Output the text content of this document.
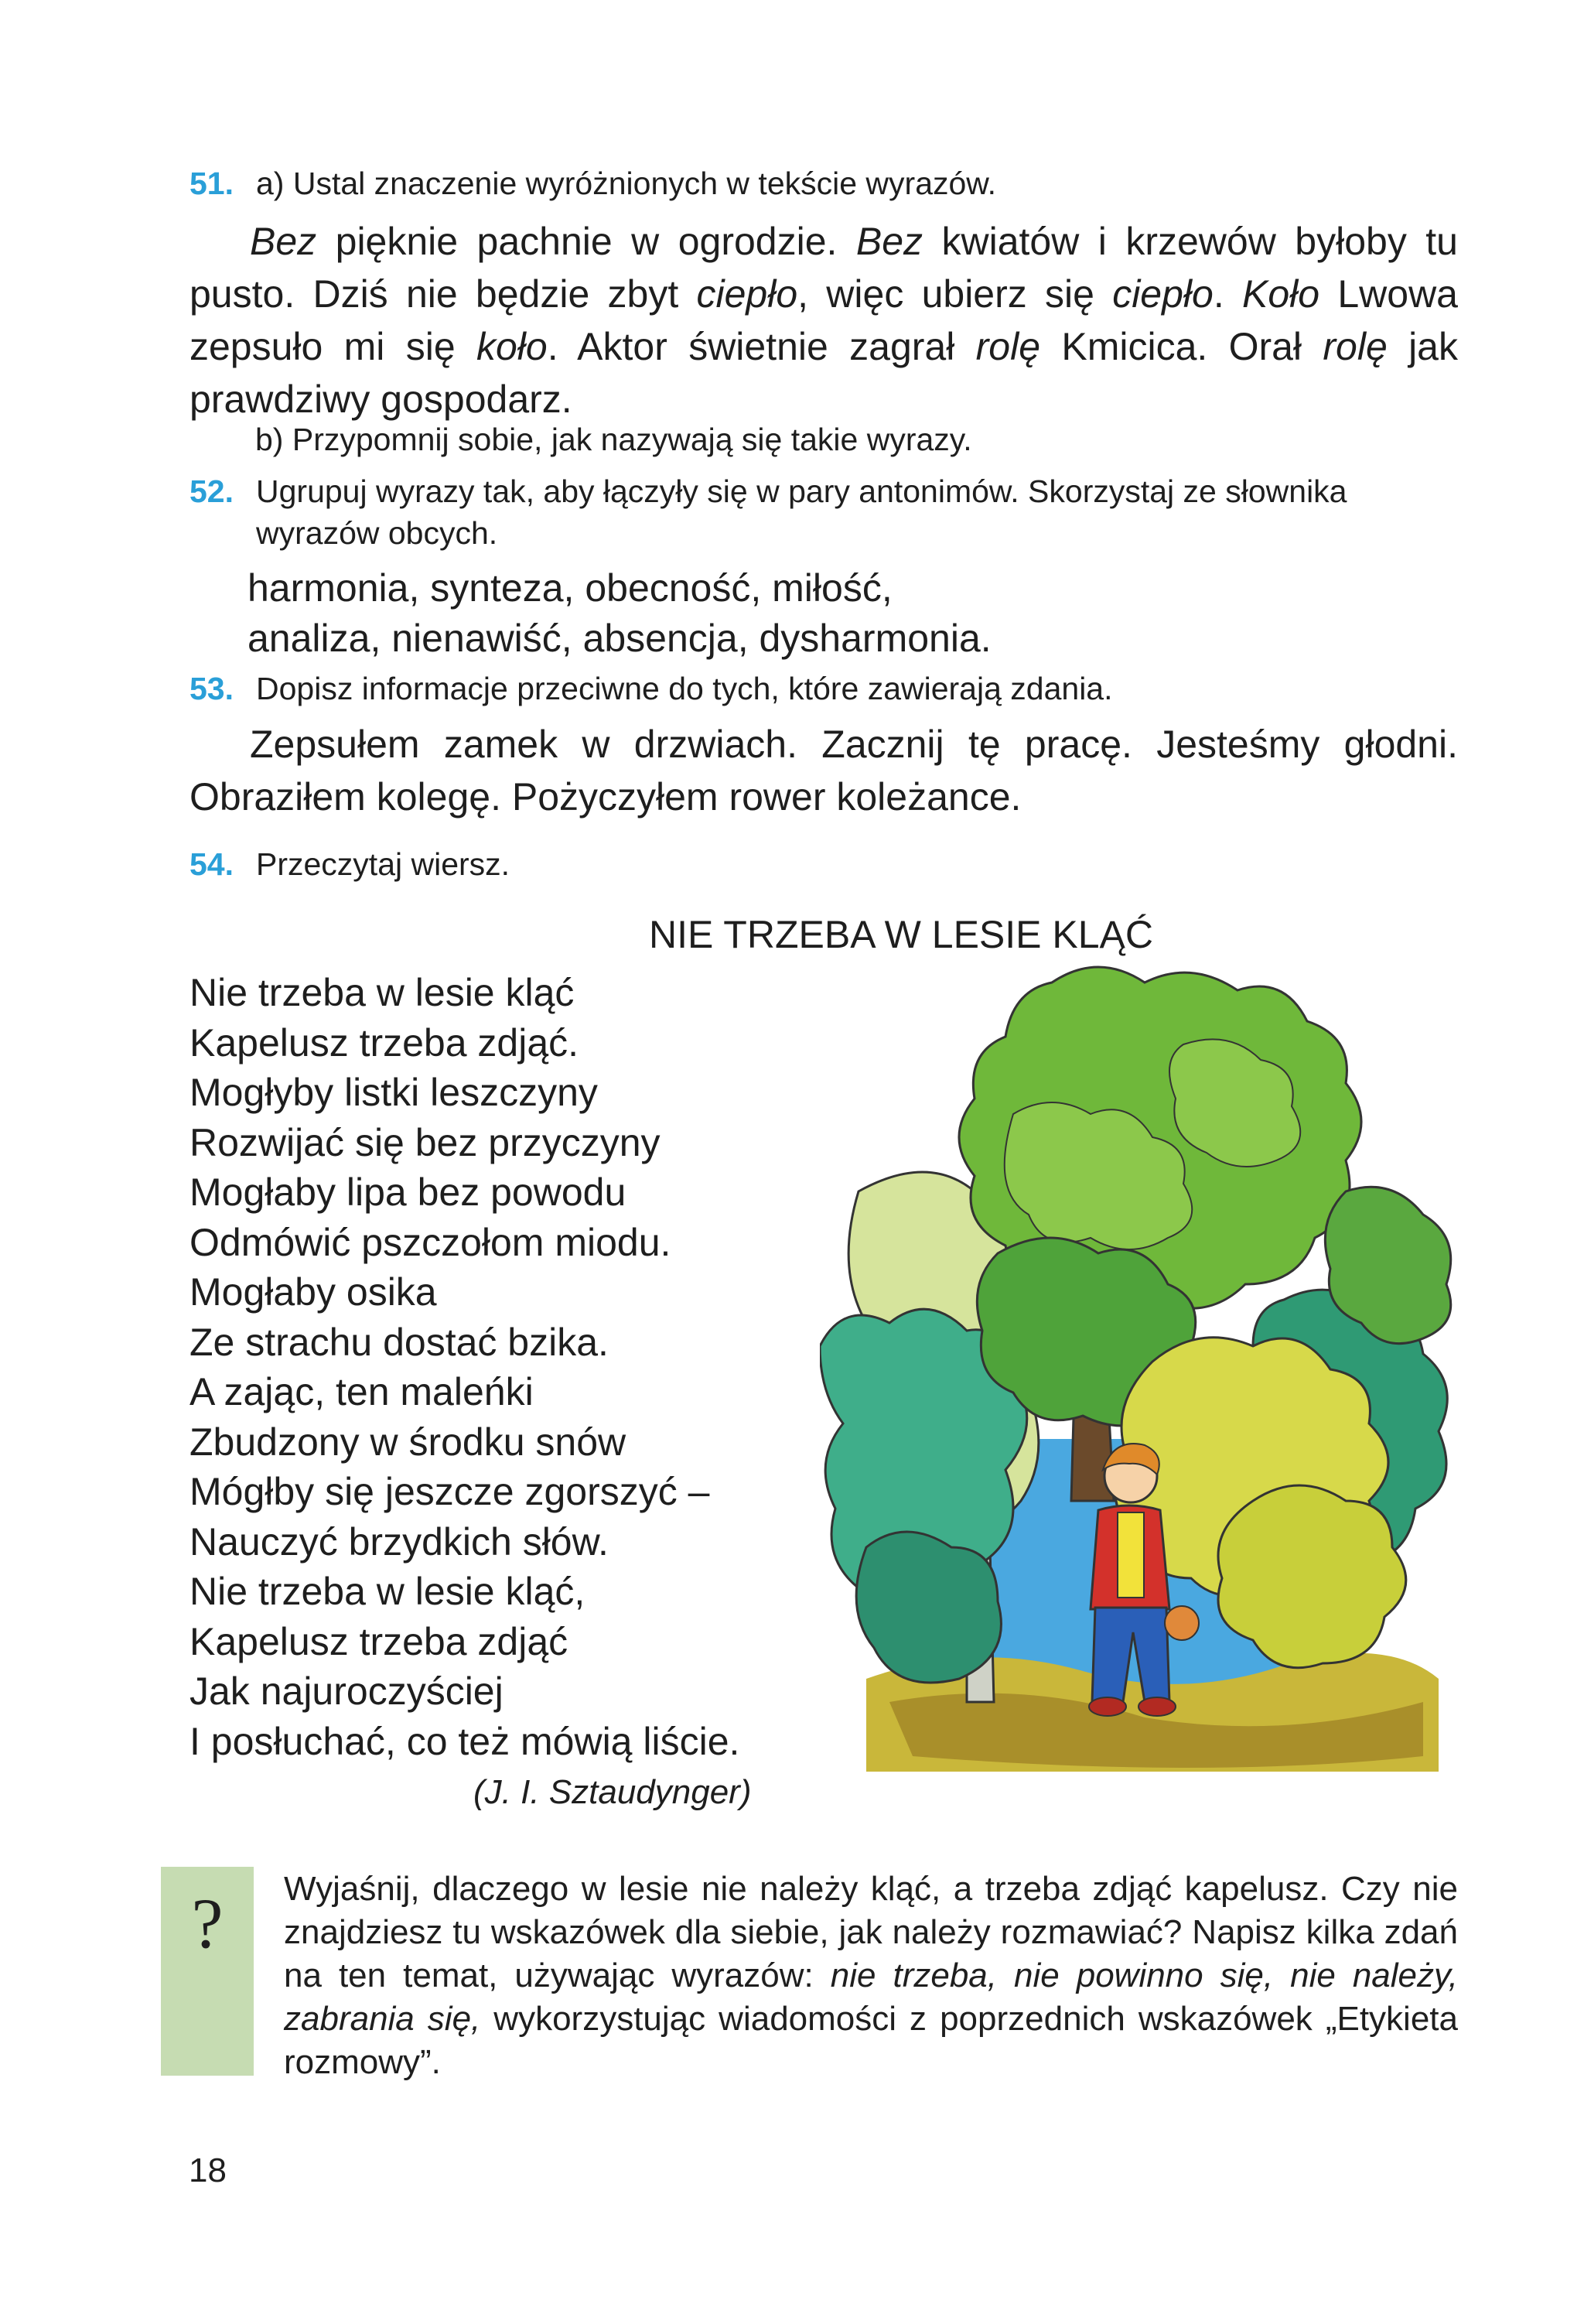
51. a) Ustal znaczenie wyróżnionych w tekście wyrazów.

Bez pięknie pachnie w ogrodzie. Bez kwiatów i krzewów byłoby tu pusto. Dziś nie będzie zbyt ciepło, więc ubierz się ciepło. Koło Lwowa zepsuło mi się koło. Aktor świetnie zagrał rolę Kmicica. Orał rolę jak prawdziwy gospodarz.

b) Przypomnij sobie, jak nazywają się takie wyrazy.

52. Ugrupuj wyrazy tak, aby łączyły się w pary antonimów. Skorzystaj ze słownika wyrazów obcych.

harmonia, synteza, obecność, miłość,

analiza, nienawiść, absencja, dysharmonia.

53. Dopisz informacje przeciwne do tych, które zawierają zdania.

Zepsułem zamek w drzwiach. Zacznij tę pracę. Jesteśmy głodni. Obraziłem kolegę. Pożyczyłem rower koleżance.

54. Przeczytaj wiersz.

NIE TRZEBA W LESIE KLĄĆ

Nie trzeba w lesie kląć

Kapelusz trzeba zdjąć.

Mogłyby listki leszczyny

Rozwijać się bez przyczyny

Mogłaby lipa bez powodu

Odmówić pszczołom miodu.

Mogłaby osika

Ze strachu dostać bzika.

A zając, ten maleńki

Zbudzony w środku snów

Mógłby się jeszcze zgorszyć –

Nauczyć brzydkich słów.

Nie trzeba w lesie kląć,

Kapelusz trzeba zdjąć

Jak najuroczyściej

I posłuchać, co też mówią liście.

(J. I. Sztaudynger)

?	Wyjaśnij, dlaczego w lesie nie należy kląć, a trzeba zdjąć kapelusz. Czy nie znajdziesz tu wskazówek dla siebie, jak należy rozmawiać? Napisz kilka zdań na ten temat, używając wyrazów: nie trzeba, nie powinno się, nie należy, zabrania się, wykorzystując wiadomości z poprzednich wskazówek „Etykieta rozmowy”.

18
